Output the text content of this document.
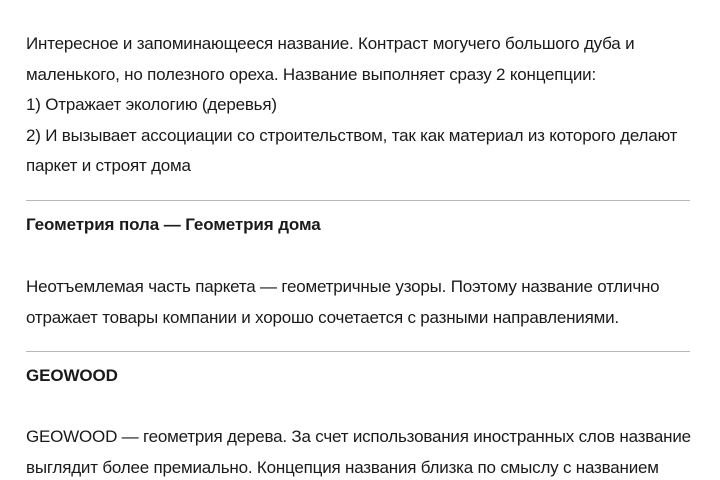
Интересное и запоминающееся название. Контраст могучего большого дуба и
маленького, но полезного ореха. Название выполняет сразу 2 концепции:
1) Отражает экологию (деревья)
2) И вызывает ассоциации со строительством, так как материал из которого делают
паркет и строят дома
Геометрия пола — Геометрия дома
Неотъемлемая часть паркета — геометричные узоры. Поэтому название отлично
отражает товары компании и хорошо сочетается с разными направлениями.
GEOWOOD
GEOWOOD — геометрия дерева. За счет использования иностранных слов название
выглядит более премиально. Концепция названия близка по смыслу с названием
